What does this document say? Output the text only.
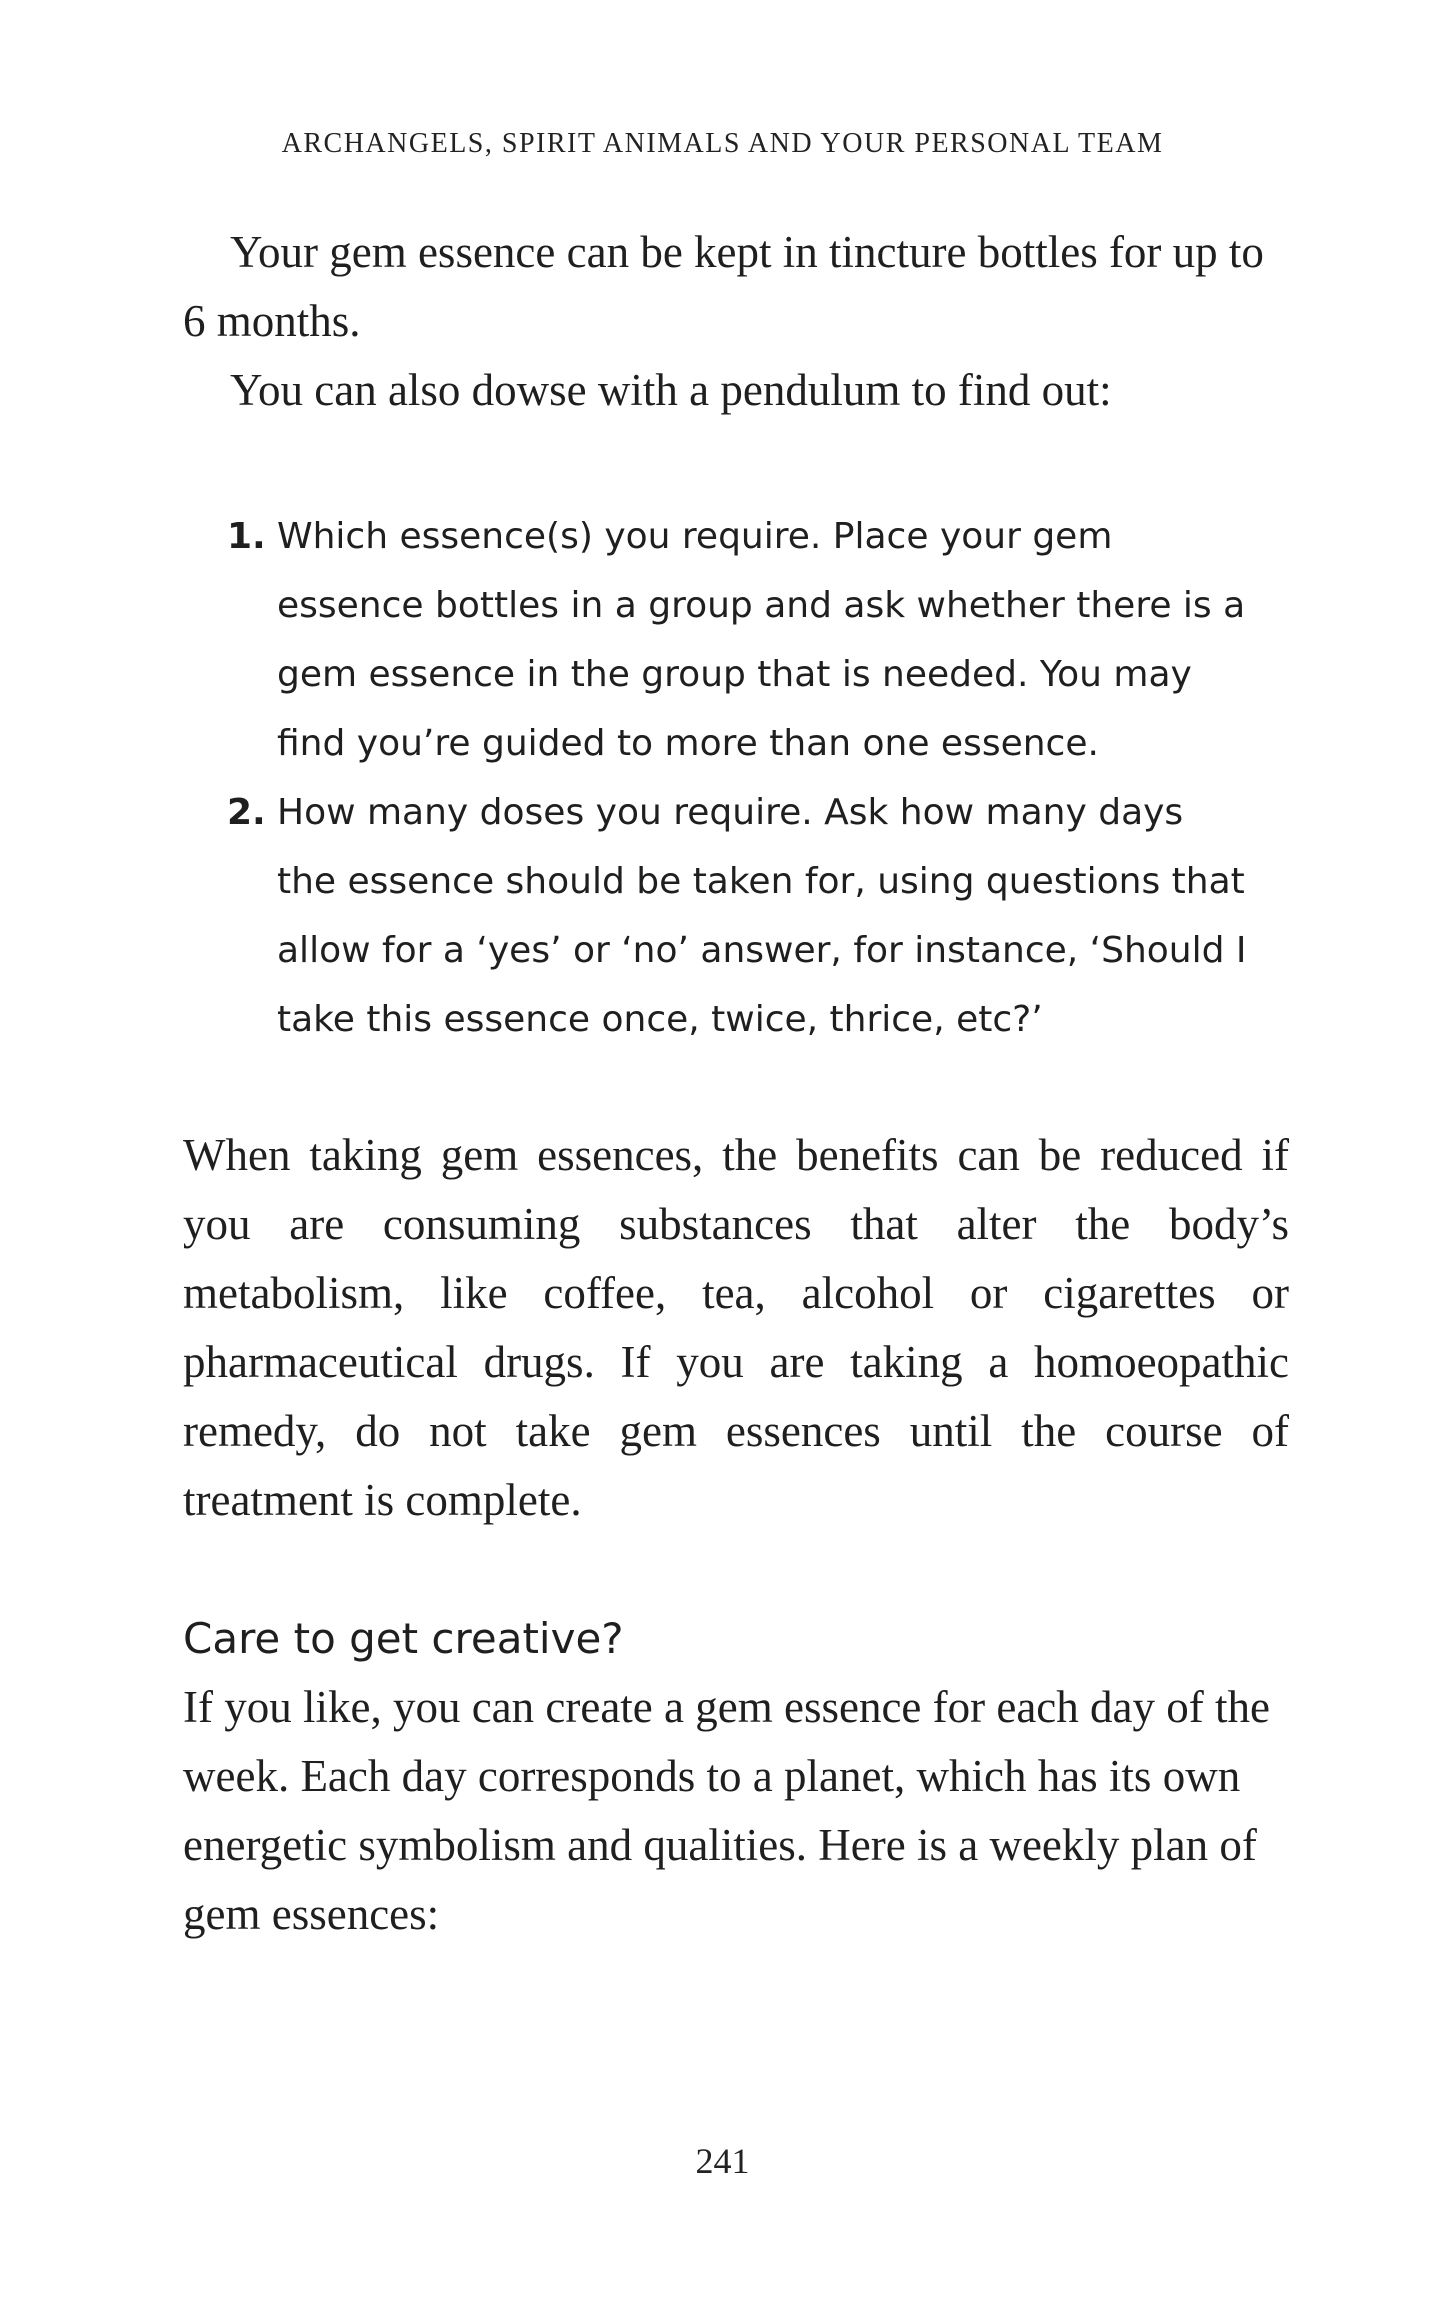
ARCHANGELS, SPIRIT ANIMALS AND YOUR PERSONAL TEAM

Your gem essence can be kept in tincture bottles for up to 6 months.

You can also dowse with a pendulum to find out:

1. Which essence(s) you require. Place your gem essence bottles in a group and ask whether there is a gem essence in the group that is needed. You may find you’re guided to more than one essence.
2. How many doses you require. Ask how many days the essence should be taken for, using questions that allow for a ‘yes’ or ‘no’ answer, for instance, ‘Should I take this essence once, twice, thrice, etc?’

When taking gem essences, the benefits can be reduced if you are consuming substances that alter the body’s metabolism, like coffee, tea, alcohol or cigarettes or pharmaceutical drugs. If you are taking a homoeopathic remedy, do not take gem essences until the course of treatment is complete.

Care to get creative?

If you like, you can create a gem essence for each day of the week. Each day corresponds to a planet, which has its own energetic symbolism and qualities. Here is a weekly plan of gem essences:

241
